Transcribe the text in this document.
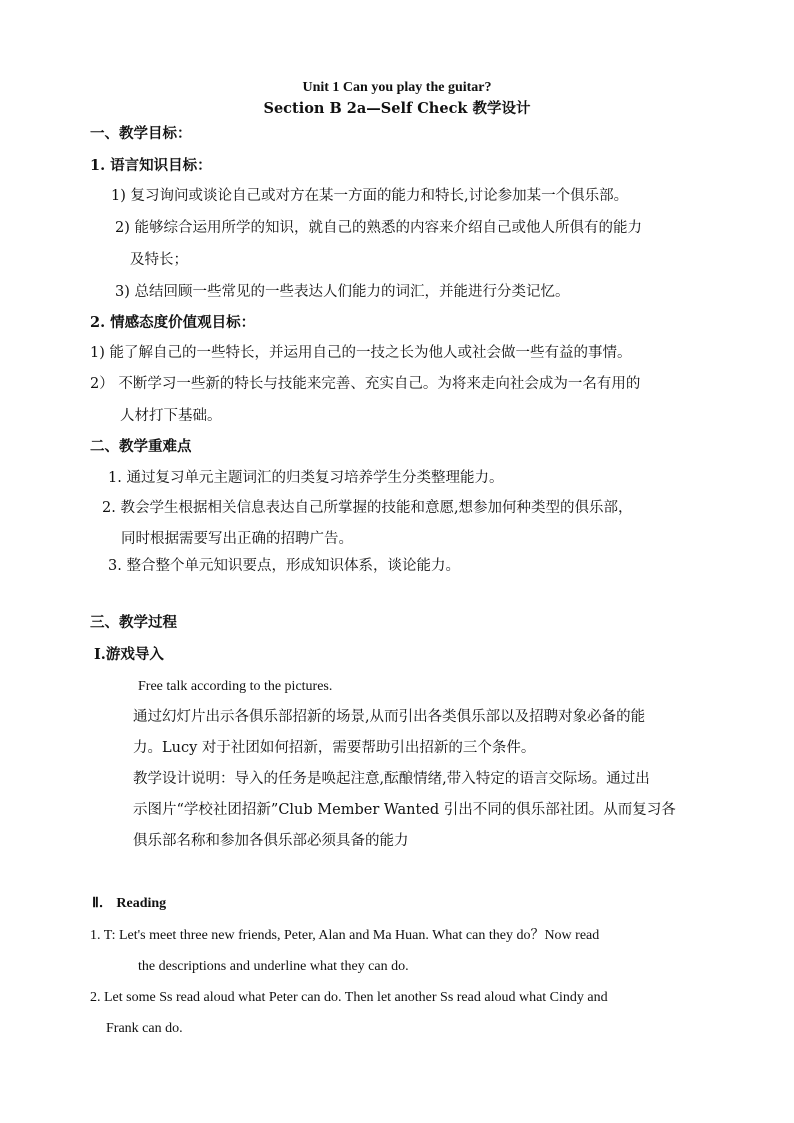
Unit 1 Can you play the guitar?
Section B 2a—Self Check 教学设计
一、教学目标：
1. 语言知识目标：
1) 复习询问或谈论自己或对方在某一方面的能力和特长,讨论参加某一个俱乐部。
2) 能够综合运用所学的知识，就自己的熟悉的内容来介绍自己或他人所俱有的能力
及特长；
3) 总结回顾一些常见的一些表达人们能力的词汇，并能进行分类记忆。
2. 情感态度价值观目标：
1) 能了解自己的一些特长，并运用自己的一技之长为他人或社会做一些有益的事情。
2） 不断学习一些新的特长与技能来完善、充实自己。为将来走向社会成为一名有用的
人材打下基础。
二、教学重难点
1. 通过复习单元主题词汇的归类复习培养学生分类整理能力。
2. 教会学生根据相关信息表达自己所掌握的技能和意愿,想参加何种类型的俱乐部，
同时根据需要写出正确的招聘广告。
3. 整合整个单元知识要点，形成知识体系，谈论能力。
三、教学过程
Ⅰ.游戏导入
Free talk according to the pictures.
通过幻灯片出示各俱乐部招新的场景,从而引出各类俱乐部以及招聘对象必备的能
力。Lucy 对于社团如何招新，需要帮助引出招新的三个条件。
教学设计说明：导入的任务是唤起注意,酝酿情绪,带入特定的语言交际场。通过出
示图片“学校社团招新”Club Member Wanted 引出不同的俱乐部社团。从而复习各
俱乐部名称和参加各俱乐部必须具备的能力
Ⅱ． Reading
1. T: Let's meet three new friends, Peter, Alan and Ma Huan. What can they do？Now read
the descriptions and underline what they can do.
2. Let some Ss read aloud what Peter can do. Then let another Ss read aloud what Cindy and
Frank can do.
